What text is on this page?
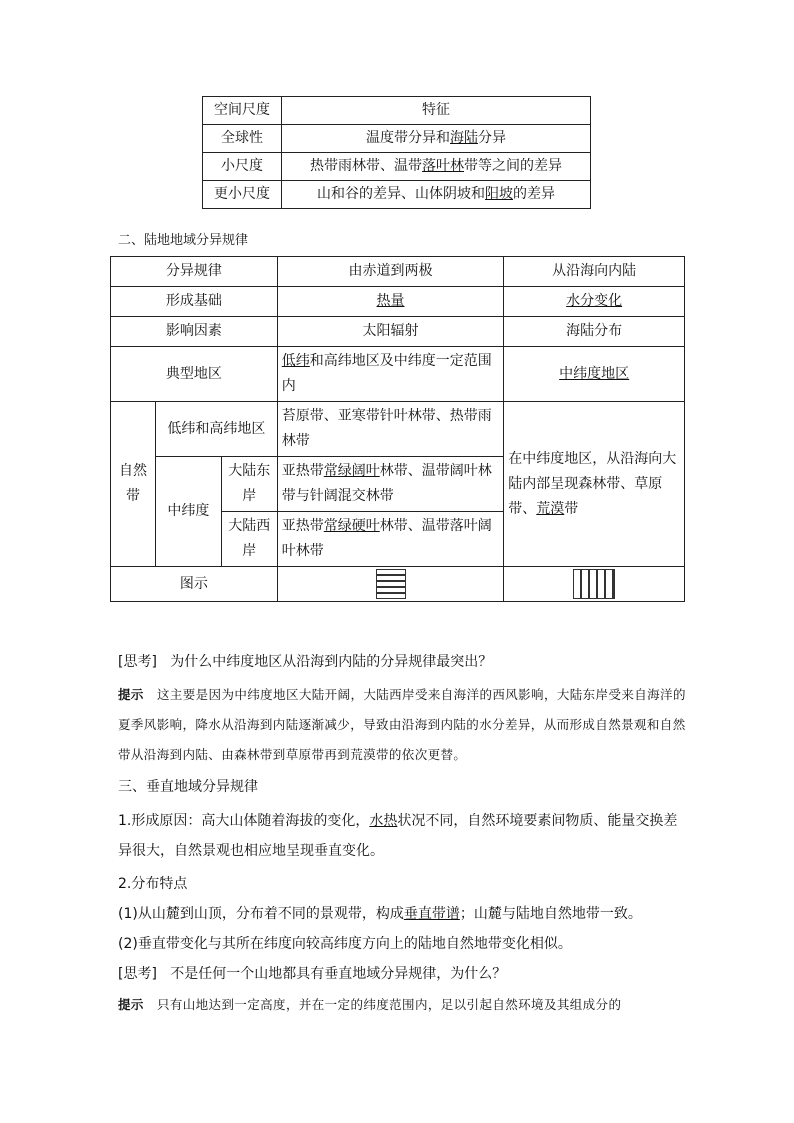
空间尺度	特征
全球性	温度带分异和海陆分异
小尺度	热带雨林带、温带落叶林带等之间的差异
更小尺度	山和谷的差异、山体阴坡和阳坡的差异
二、陆地地域分异规律
分异规律			由赤道到两极	从沿海向内陆
形成基础			热量	水分变化
影响因素			太阳辐射	海陆分布
典型地区			低纬和高纬地区及中纬度一定范围内	中纬度地区
自然带	低纬和高纬地区		苔原带、亚寒带针叶林带、热带雨林带	在中纬度地区，从沿海向大陆内部呈现森林带、草原带、荒漠带
	中纬度	大陆东岸	亚热带常绿阔叶林带、温带阔叶林带与针阔混交林带	
		大陆西岸	亚热带常绿硬叶林带、温带落叶阔叶林带	
图示				
[思考] 为什么中纬度地区从沿海到内陆的分异规律最突出？
提示 这主要是因为中纬度地区大陆开阔，大陆西岸受来自海洋的西风影响，大陆东岸受来自海洋的夏季风影响，降水从沿海到内陆逐渐减少，导致由沿海到内陆的水分差异，从而形成自然景观和自然带从沿海到内陆、由森林带到草原带再到荒漠带的依次更替。
三、垂直地域分异规律
1.形成原因：高大山体随着海拔的变化，水热状况不同，自然环境要素间物质、能量交换差异很大，自然景观也相应地呈现垂直变化。
2.分布特点
(1)从山麓到山顶，分布着不同的景观带，构成垂直带谱；山麓与陆地自然地带一致。
(2)垂直带变化与其所在纬度向较高纬度方向上的陆地自然地带变化相似。
[思考] 不是任何一个山地都具有垂直地域分异规律，为什么？
提示 只有山地达到一定高度，并在一定的纬度范围内，足以引起自然环境及其组成分的
